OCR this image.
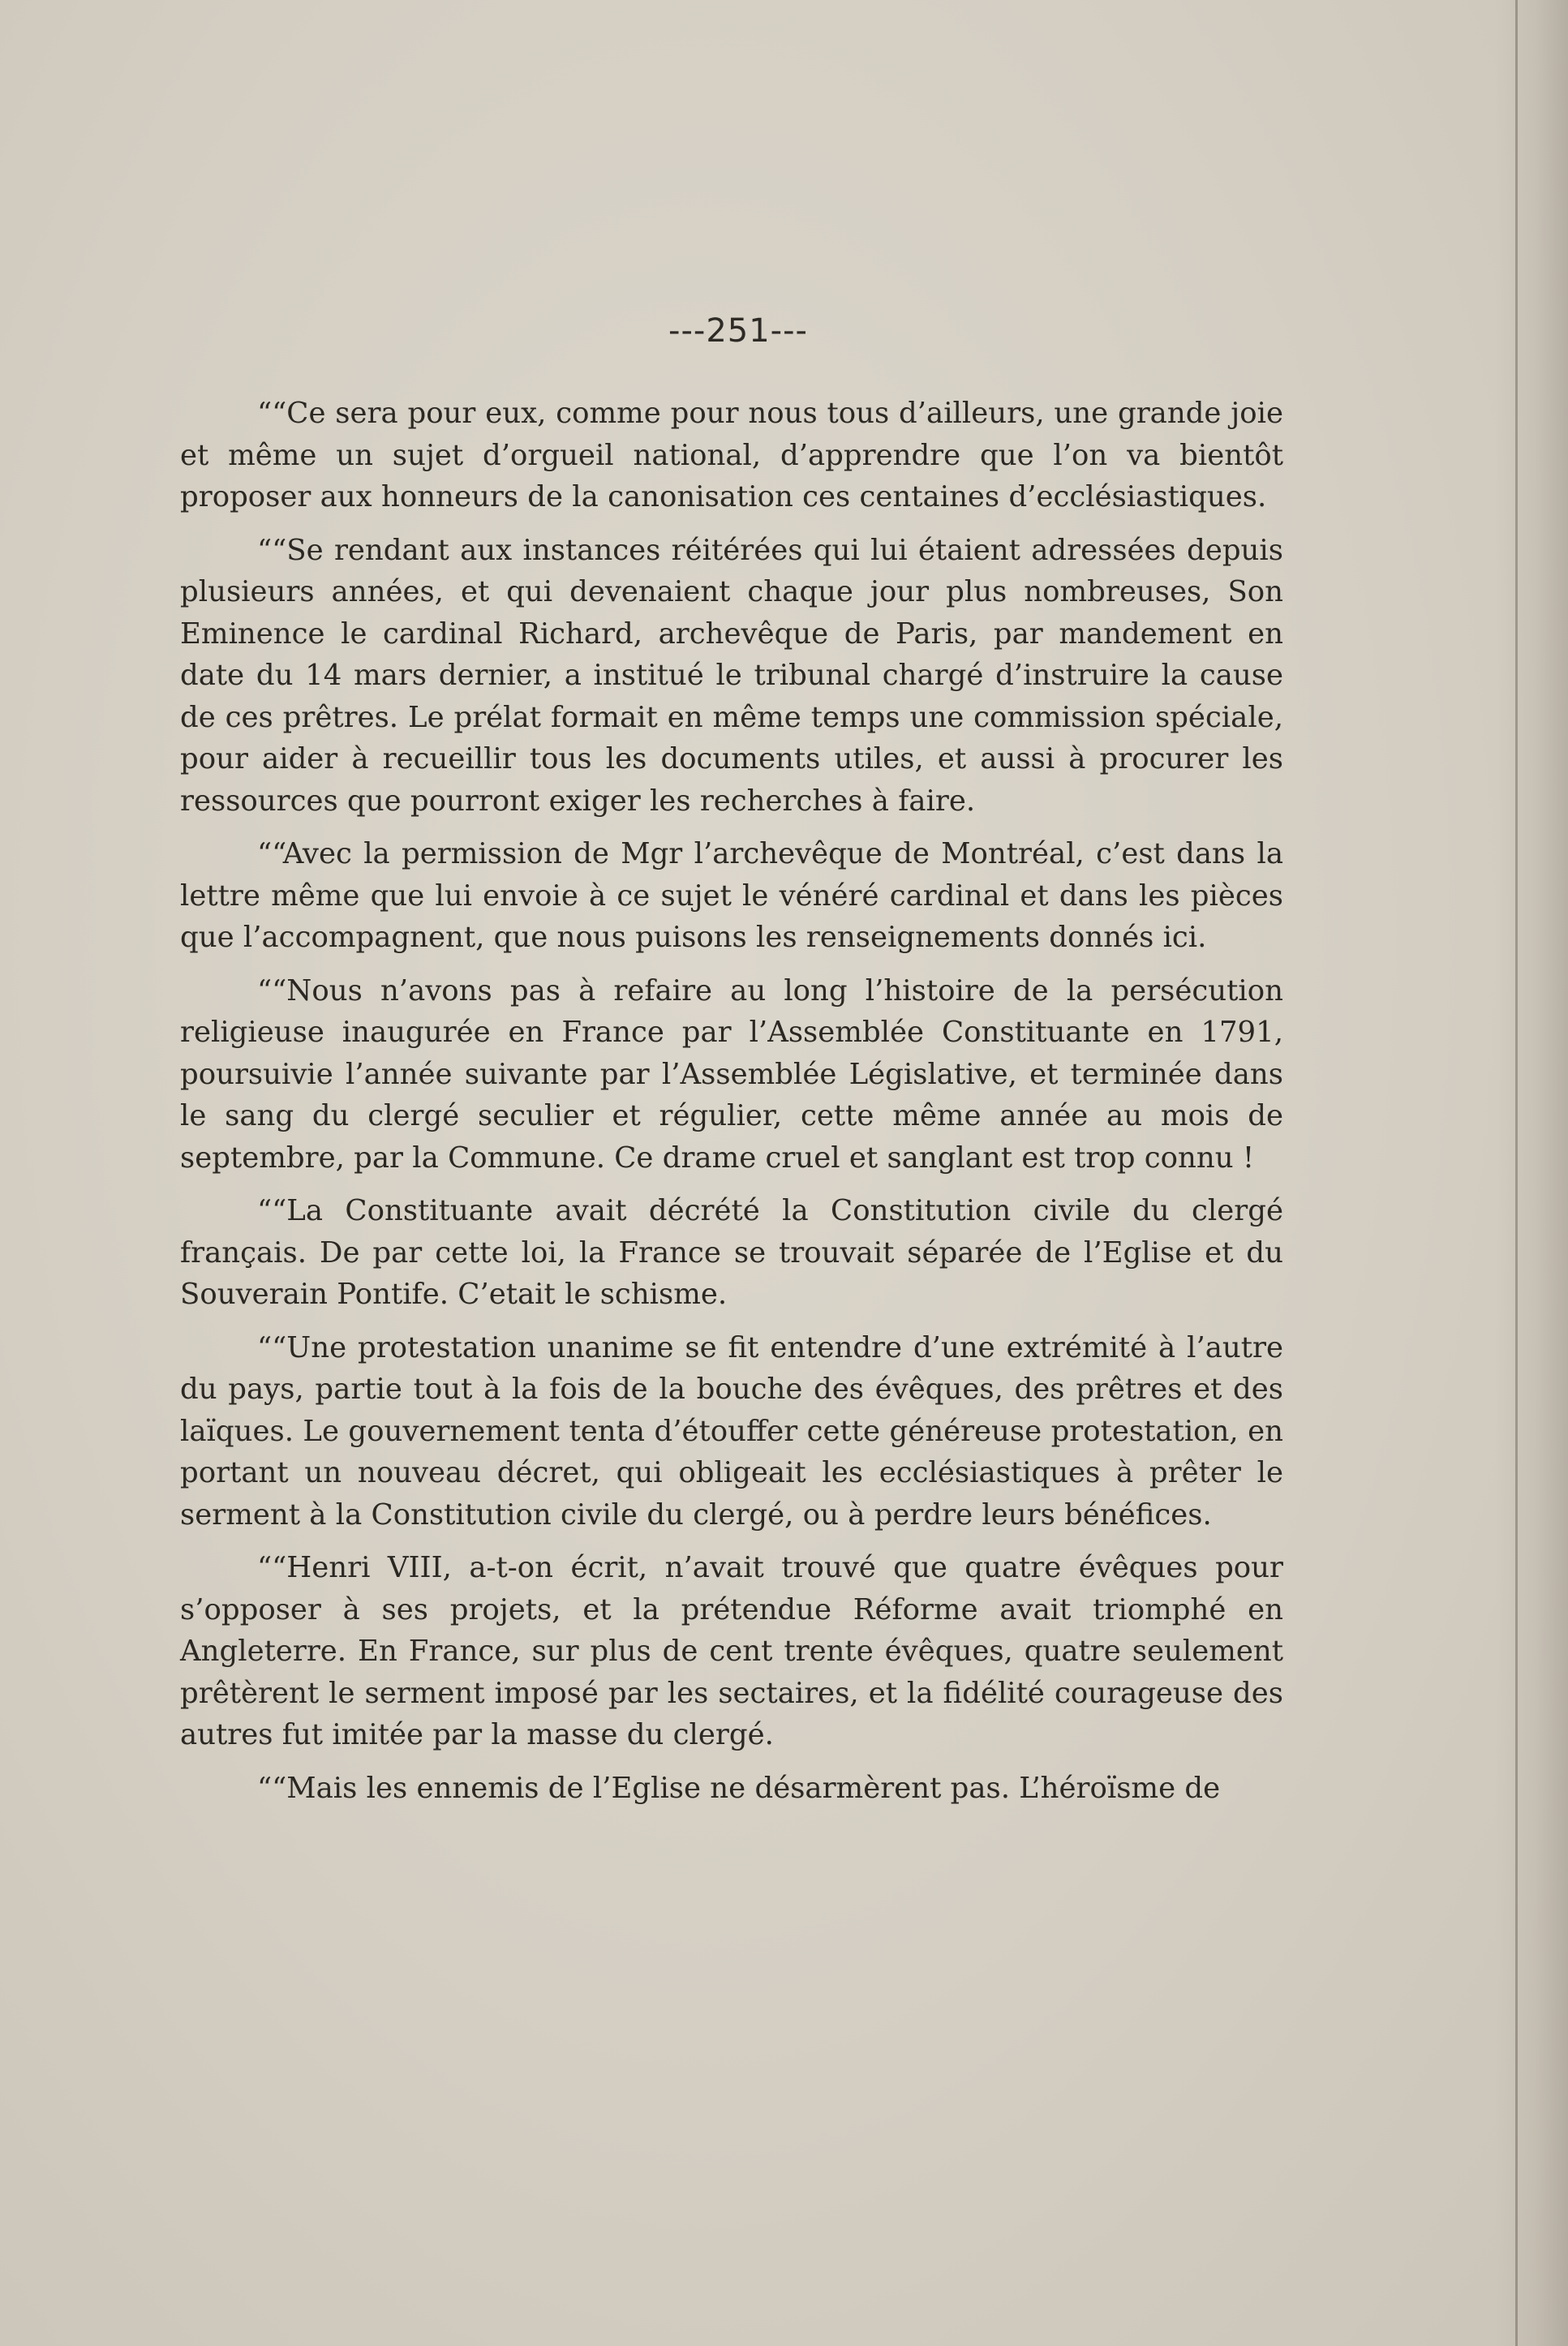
---251---

““Ce sera pour eux, comme pour nous tous d’ailleurs, une grande joie et même un sujet d’orgueil national, d’apprendre que l’on va bientôt proposer aux honneurs de la canonisation ces centaines d’ecclésiastiques.

““Se rendant aux instances réitérées qui lui étaient adressées depuis plusieurs années, et qui devenaient chaque jour plus nombreuses, Son Eminence le cardinal Richard, archevêque de Paris, par mandement en date du 14 mars dernier, a institué le tribunal chargé d’instruire la cause de ces prêtres. Le prélat formait en même temps une commission spéciale, pour aider à recueillir tous les documents utiles, et aussi à procurer les ressources que pourront exiger les recherches à faire.

““Avec la permission de Mgr l’archevêque de Montréal, c’est dans la lettre même que lui envoie à ce sujet le vénéré cardinal et dans les pièces que l’accompagnent, que nous puisons les renseignements donnés ici.

““Nous n’avons pas à refaire au long l’histoire de la persécution religieuse inaugurée en France par l’Assemblée Constituante en 1791, poursuivie l’année suivante par l’Assemblée Législative, et terminée dans le sang du clergé seculier et régulier, cette même année au mois de septembre, par la Commune. Ce drame cruel et sanglant est trop connu !

““La Constituante avait décrété la Constitution civile du clergé français. De par cette loi, la France se trouvait séparée de l’Eglise et du Souverain Pontife. C’etait le schisme.

““Une protestation unanime se fit entendre d’une extrémité à l’autre du pays, partie tout à la fois de la bouche des évêques, des prêtres et des laïques. Le gouvernement tenta d’étouffer cette généreuse protestation, en portant un nouveau décret, qui obligeait les ecclésiastiques à prêter le serment à la Constitution civile du clergé, ou à perdre leurs bénéfices.

““Henri VIII, a-t-on écrit, n’avait trouvé que quatre évêques pour s’opposer à ses projets, et la prétendue Réforme avait triomphé en Angleterre. En France, sur plus de cent trente évêques, quatre seulement prêtèrent le serment imposé par les sectaires, et la fidélité courageuse des autres fut imitée par la masse du clergé.

““Mais les ennemis de l’Eglise ne désarmèrent pas. L’héroïsme de
